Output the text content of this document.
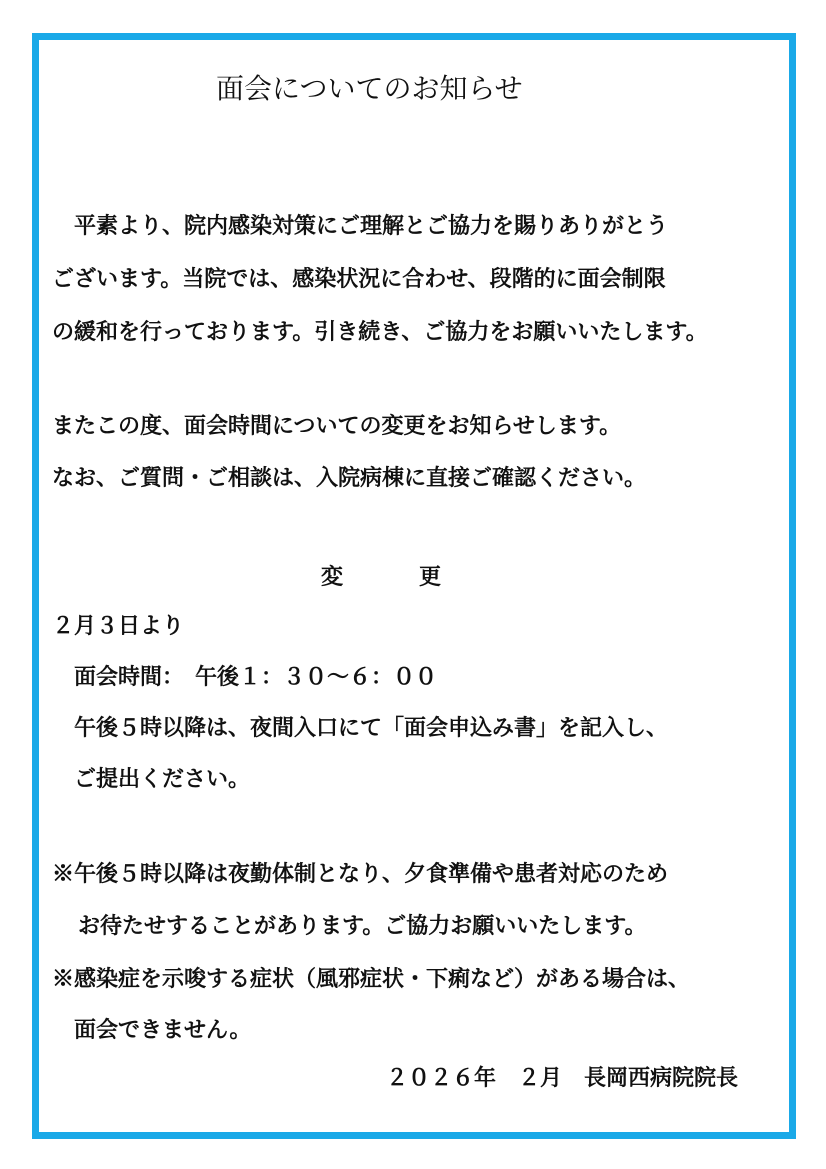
面会についてのお知らせ
平素より、院内感染対策にご理解とご協力を賜りありがとう
ございます。当院では、感染状況に合わせ、段階的に面会制限
の緩和を行っております。引き続き、ご協力をお願いいたします。
またこの度、面会時間についての変更をお知らせします。
なお、ご質問・ご相談は、入院病棟に直接ご確認ください。
変	更
２月３日より
面会時間：　午後１：３０～６：００
午後５時以降は、夜間入口にて「面会申込み書」を記入し、
ご提出ください。
※午後５時以降は夜勤体制となり、夕食準備や患者対応のため
お待たせすることがあります。ご協力お願いいたします。
※感染症を示唆する症状（風邪症状・下痢など）がある場合は、
面会できません。
２０２６年　２月　長岡西病院院長
